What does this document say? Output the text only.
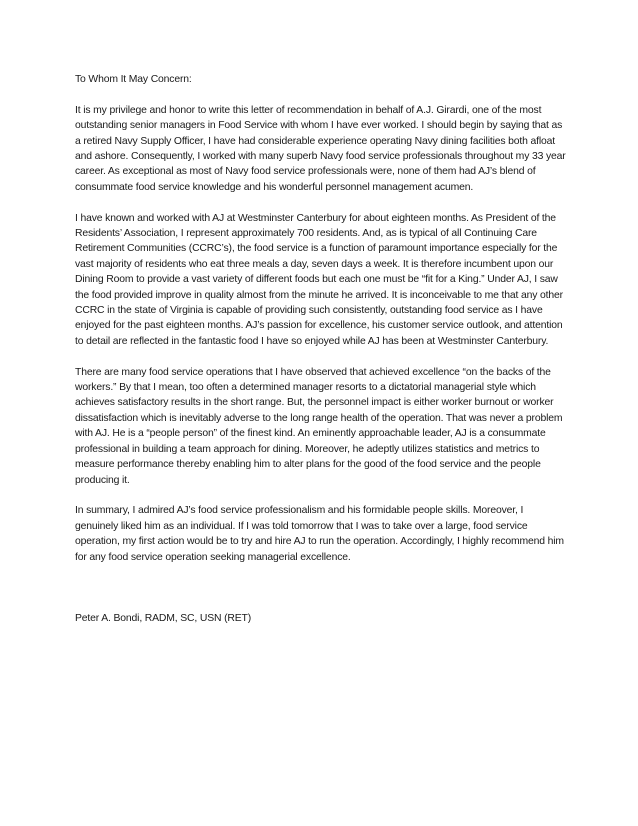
To Whom It May Concern:

It is my privilege and honor to write this letter of recommendation in behalf of A.J. Girardi, one of the most outstanding senior managers in Food Service with whom I have ever worked. I should begin by saying that as a retired Navy Supply Officer, I have had considerable experience operating Navy dining facilities both afloat and ashore. Consequently, I worked with many superb Navy food service professionals throughout my 33 year career. As exceptional as most of Navy food service professionals were, none of them had AJ’s blend of consummate food service knowledge and his wonderful personnel management acumen.

I have known and worked with AJ at Westminster Canterbury for about eighteen months. As President of the Residents’ Association, I represent approximately 700 residents. And, as is typical of all Continuing Care Retirement Communities (CCRC’s), the food service is a function of paramount importance especially for the vast majority of residents who eat three meals a day, seven days a week. It is therefore incumbent upon our Dining Room to provide a vast variety of different foods but each one must be “fit for a King.” Under AJ, I saw the food provided improve in quality almost from the minute he arrived. It is inconceivable to me that any other CCRC in the state of Virginia is capable of providing such consistently, outstanding food service as I have enjoyed for the past eighteen months. AJ’s passion for excellence, his customer service outlook, and attention to detail are reflected in the fantastic food I have so enjoyed while AJ has been at Westminster Canterbury.

There are many food service operations that I have observed that achieved excellence “on the backs of the workers.” By that I mean, too often a determined manager resorts to a dictatorial managerial style which achieves satisfactory results in the short range. But, the personnel impact is either worker burnout or worker dissatisfaction which is inevitably adverse to the long range health of the operation. That was never a problem with AJ. He is a “people person” of the finest kind. An eminently approachable leader, AJ is a consummate professional in building a team approach for dining. Moreover, he adeptly utilizes statistics and metrics to measure performance thereby enabling him to alter plans for the good of the food service and the people producing it.

In summary, I admired AJ’s food service professionalism and his formidable people skills. Moreover, I genuinely liked him as an individual. If I was told tomorrow that I was to take over a large, food service operation, my first action would be to try and hire AJ to run the operation. Accordingly, I highly recommend him for any food service operation seeking managerial excellence.

Peter A. Bondi, RADM, SC, USN (RET)
